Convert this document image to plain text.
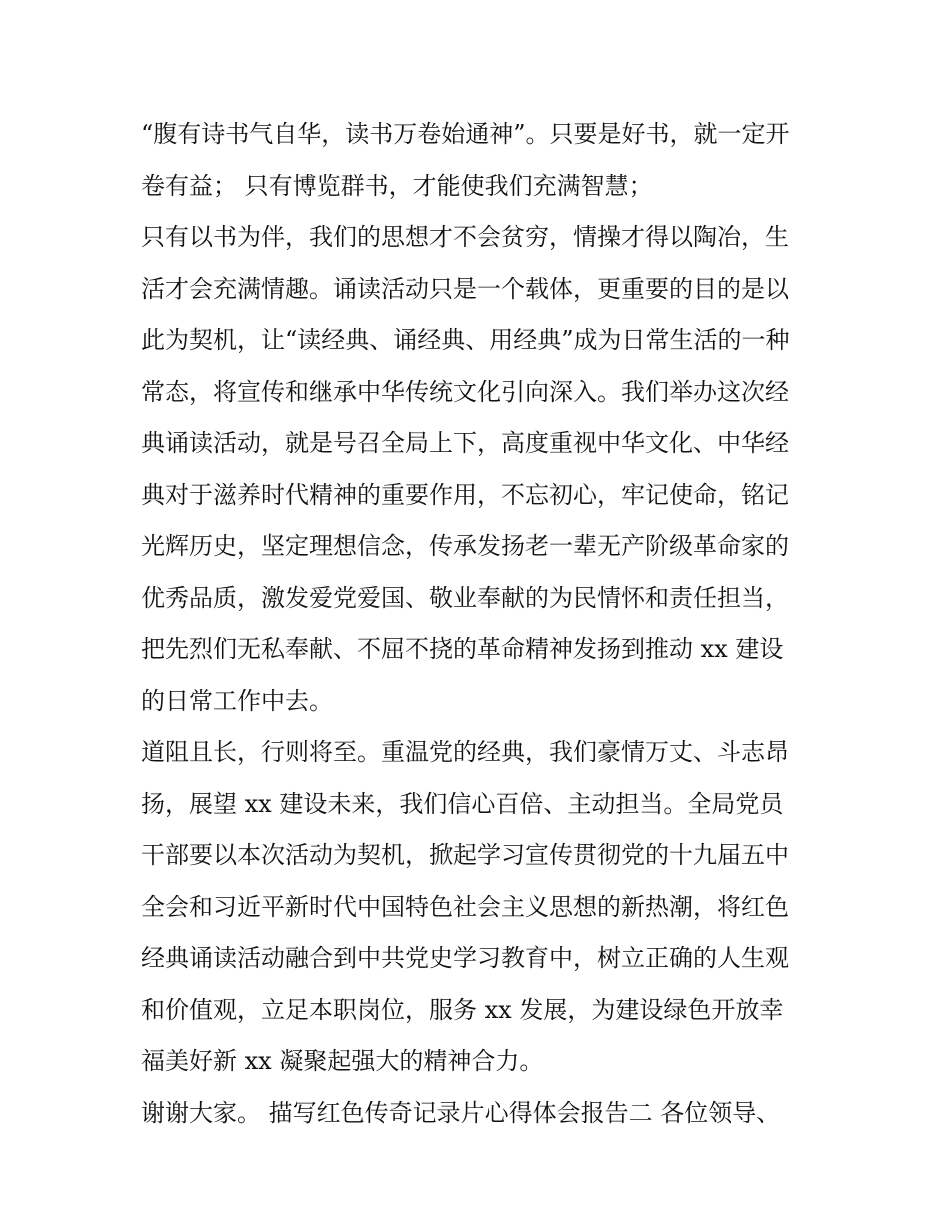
“腹有诗书气自华，读书万卷始通神”。只要是好书，就一定开
卷有益； 只有博览群书，才能使我们充满智慧；
只有以书为伴，我们的思想才不会贫穷，情操才得以陶冶，生
活才会充满情趣。诵读活动只是一个载体，更重要的目的是以
此为契机，让“读经典、诵经典、用经典”成为日常生活的一种
常态，将宣传和继承中华传统文化引向深入。我们举办这次经
典诵读活动，就是号召全局上下，高度重视中华文化、中华经
典对于滋养时代精神的重要作用，不忘初心，牢记使命，铭记
光辉历史，坚定理想信念，传承发扬老一辈无产阶级革命家的
优秀品质，激发爱党爱国、敬业奉献的为民情怀和责任担当，
把先烈们无私奉献、不屈不挠的革命精神发扬到推动 xx 建设
的日常工作中去。
道阻且长，行则将至。重温党的经典，我们豪情万丈、斗志昂
扬，展望 xx 建设未来，我们信心百倍、主动担当。全局党员
干部要以本次活动为契机，掀起学习宣传贯彻党的十九届五中
全会和习近平新时代中国特色社会主义思想的新热潮，将红色
经典诵读活动融合到中共党史学习教育中，树立正确的人生观
和价值观，立足本职岗位，服务 xx 发展，为建设绿色开放幸
福美好新 xx 凝聚起强大的精神合力。
谢谢大家。 描写红色传奇记录片心得体会报告二 各位领导、
